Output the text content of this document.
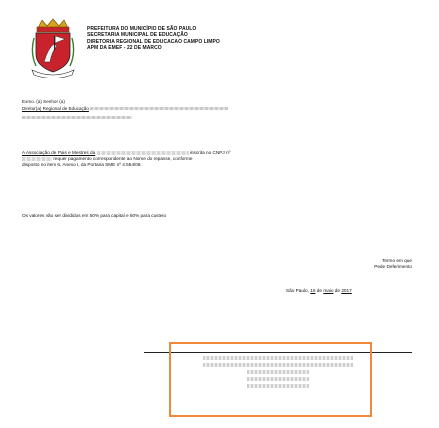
PREFEITURA DO MUNICÍPIO DE SÃO PAULO
SECRETARIA MUNICIPAL DE EDUCAÇÃO
DIRETORIA REGIONAL DE EDUCACAO CAMPO LIMPO
APM DA EMEF - 22 DE MARCO
Exmo. (a) Senhor (a)
Diretor(a) Regional de Educação
A Associação de Pais e Mestres da	inscrita no CNPJ nº
requer pagamento correspondente ao Nome do repasse, conforme
disposto no item 6, Anexo I, da Portaria SME nº 4.554/08.
Os valores vão ser divididos em 50% para capital e 50% para custeio
Termo em que
Pede Deferimento
São Paulo, 16 de maio de 2017
